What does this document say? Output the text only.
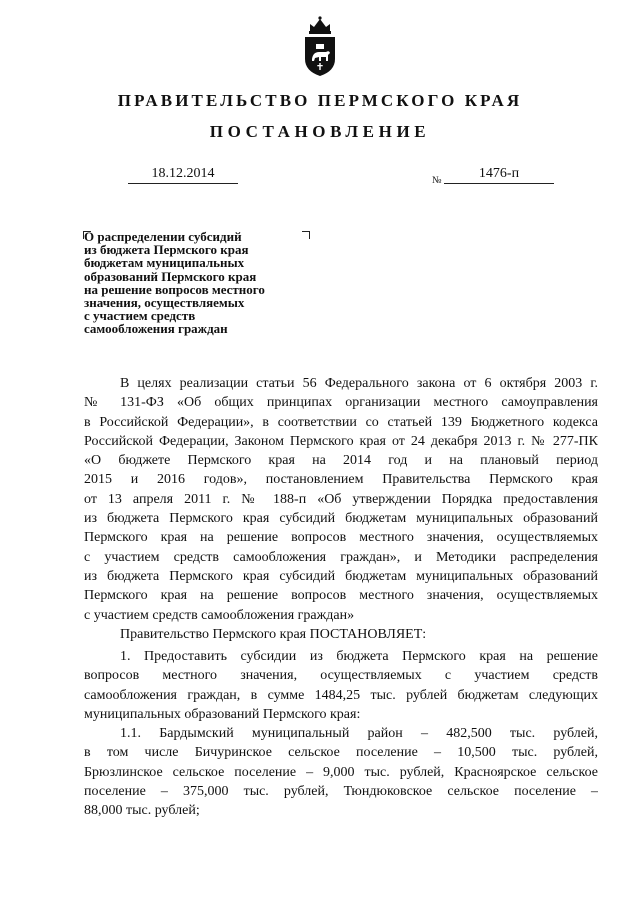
ПРАВИТЕЛЬСТВО ПЕРМСКОГО КРАЯ
ПОСТАНОВЛЕНИЕ
18.12.2014	№	1476-п
О распределении субсидий
из бюджета Пермского края
бюджетам муниципальных
образований Пермского края
на решение вопросов местного
значения, осуществляемых
с участием средств
самообложения граждан
В целях реализации статьи 56 Федерального закона от 6 октября 2003 г.
№ 131-ФЗ «Об общих принципах организации местного самоуправления
в Российской Федерации», в соответствии со статьей 139 Бюджетного кодекса
Российской Федерации, Законом Пермского края от 24 декабря 2013 г. № 277-ПК
«О бюджете Пермского края на 2014 год и на плановый период
2015 и 2016 годов», постановлением Правительства Пермского края
от 13 апреля 2011 г. № 188-п «Об утверждении Порядка предоставления
из бюджета Пермского края субсидий бюджетам муниципальных образований
Пермского края на решение вопросов местного значения, осуществляемых
с участием средств самообложения граждан», и Методики распределения
из бюджета Пермского края субсидий бюджетам муниципальных образований
Пермского края на решение вопросов местного значения, осуществляемых
с участием средств самообложения граждан»
Правительство Пермского края ПОСТАНОВЛЯЕТ:
1. Предоставить субсидии из бюджета Пермского края на решение
вопросов местного значения, осуществляемых с участием средств
самообложения граждан, в сумме 1484,25 тыс. рублей бюджетам следующих
муниципальных образований Пермского края:
1.1. Бардымский муниципальный район – 482,500 тыс. рублей,
в том числе Бичуринское сельское поселение – 10,500 тыс. рублей,
Брюзлинское сельское поселение – 9,000 тыс. рублей, Красноярское сельское
поселение – 375,000 тыс. рублей, Тюндюковское сельское поселение –
88,000 тыс. рублей;
